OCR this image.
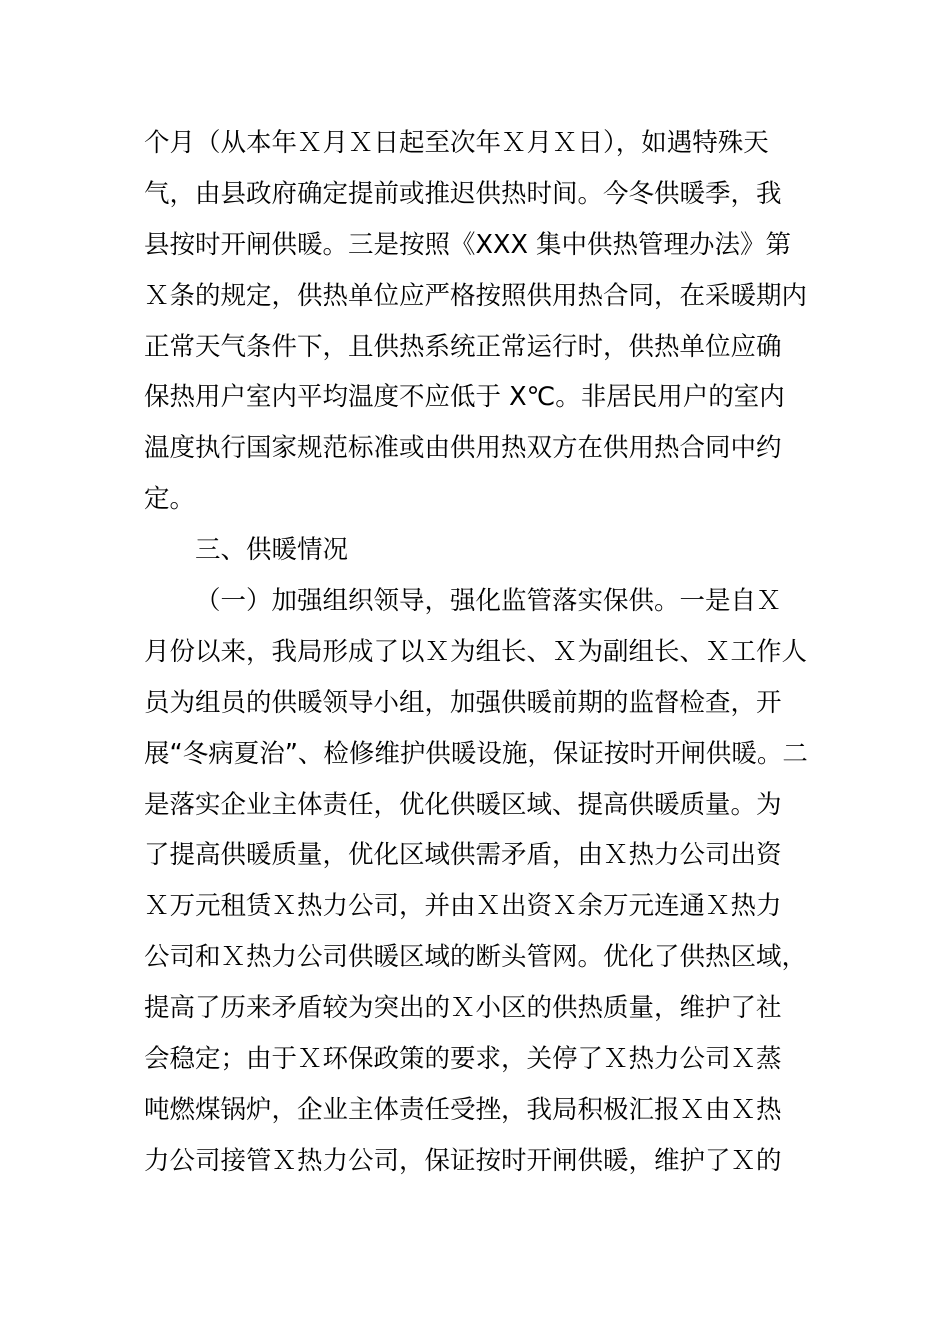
个月（从本年Ｘ月Ｘ日起至次年Ｘ月Ｘ日），如遇特殊天
气，由县政府确定提前或推迟供热时间。今冬供暖季，我
县按时开闸供暖。三是按照《XXX 集中供热管理办法》第
Ｘ条的规定，供热单位应严格按照供用热合同，在采暖期内
正常天气条件下，且供热系统正常运行时，供热单位应确
保热用户室内平均温度不应低于 X℃。非居民用户的室内
温度执行国家规范标准或由供用热双方在供用热合同中约
定。
三、供暖情况
（一）加强组织领导，强化监管落实保供。一是自Ｘ
月份以来，我局形成了以Ｘ为组长、Ｘ为副组长、Ｘ工作人
员为组员的供暖领导小组，加强供暖前期的监督检查，开
展“冬病夏治”、检修维护供暖设施，保证按时开闸供暖。二
是落实企业主体责任，优化供暖区域、提高供暖质量。为
了提高供暖质量，优化区域供需矛盾，由Ｘ热力公司出资
Ｘ万元租赁Ｘ热力公司，并由Ｘ出资Ｘ余万元连通Ｘ热力
公司和Ｘ热力公司供暖区域的断头管网。优化了供热区域，
提高了历来矛盾较为突出的Ｘ小区的供热质量，维护了社
会稳定；由于Ｘ环保政策的要求，关停了Ｘ热力公司Ｘ蒸
吨燃煤锅炉，企业主体责任受挫，我局积极汇报Ｘ由Ｘ热
力公司接管Ｘ热力公司，保证按时开闸供暖，维护了Ｘ的
